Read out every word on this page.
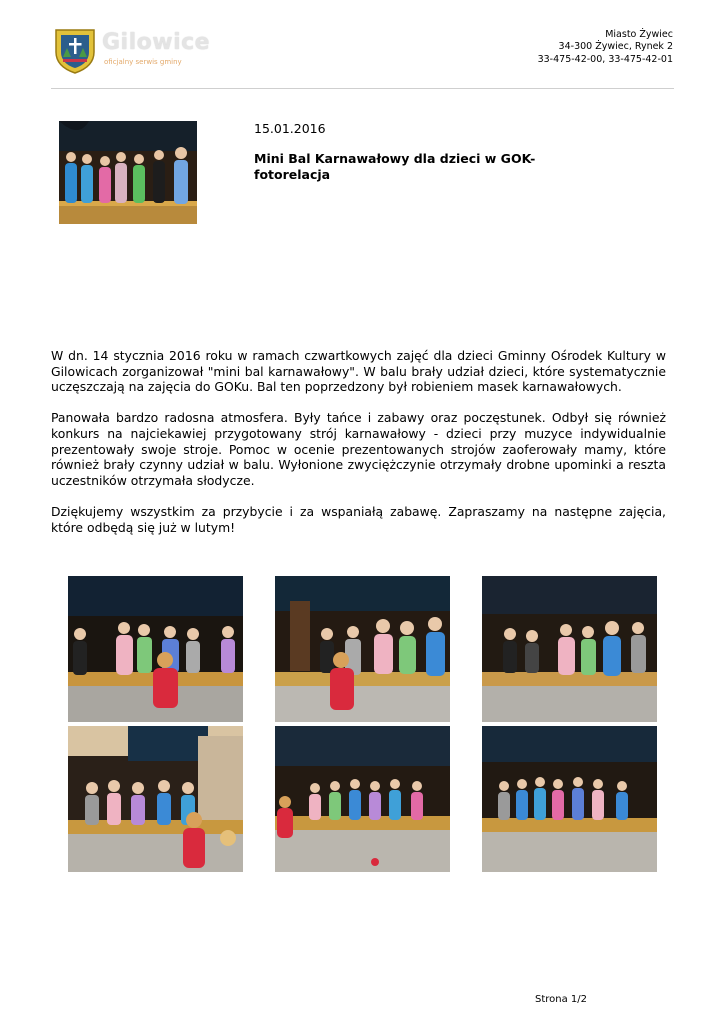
Gilowice
oficjalny serwis gminy
Miasto Żywiec
34-300 Żywiec, Rynek 2
33-475-42-00, 33-475-42-01
15.01.2016
Mini Bal Karnawałowy dla dzieci w GOK-fotorelacja

W dn. 14 stycznia 2016 roku w ramach czwartkowych zajęć dla dzieci Gminny Ośrodek Kultury w Gilowicach zorganizował "mini bal karnawałowy". W balu brały udział dzieci, które systematycznie uczęszczają na zajęcia do GOKu. Bal ten poprzedzony był robieniem masek karnawałowych.

Panowała bardzo radosna atmosfera. Były tańce i zabawy oraz poczęstunek. Odbył się również konkurs na najciekawiej przygotowany strój karnawałowy - dzieci przy muzyce indywidualnie prezentowały swoje stroje. Pomoc w ocenie prezentowanych strojów zaoferowały mamy, które również brały czynny udział w balu. Wyłonione zwyciężczynie otrzymały drobne upominki a reszta uczestników otrzymała słodycze.

Dziękujemy wszystkim za przybycie i za wspaniałą zabawę. Zapraszamy na następne zajęcia, które odbędą się już w lutym!

Strona 1/2
